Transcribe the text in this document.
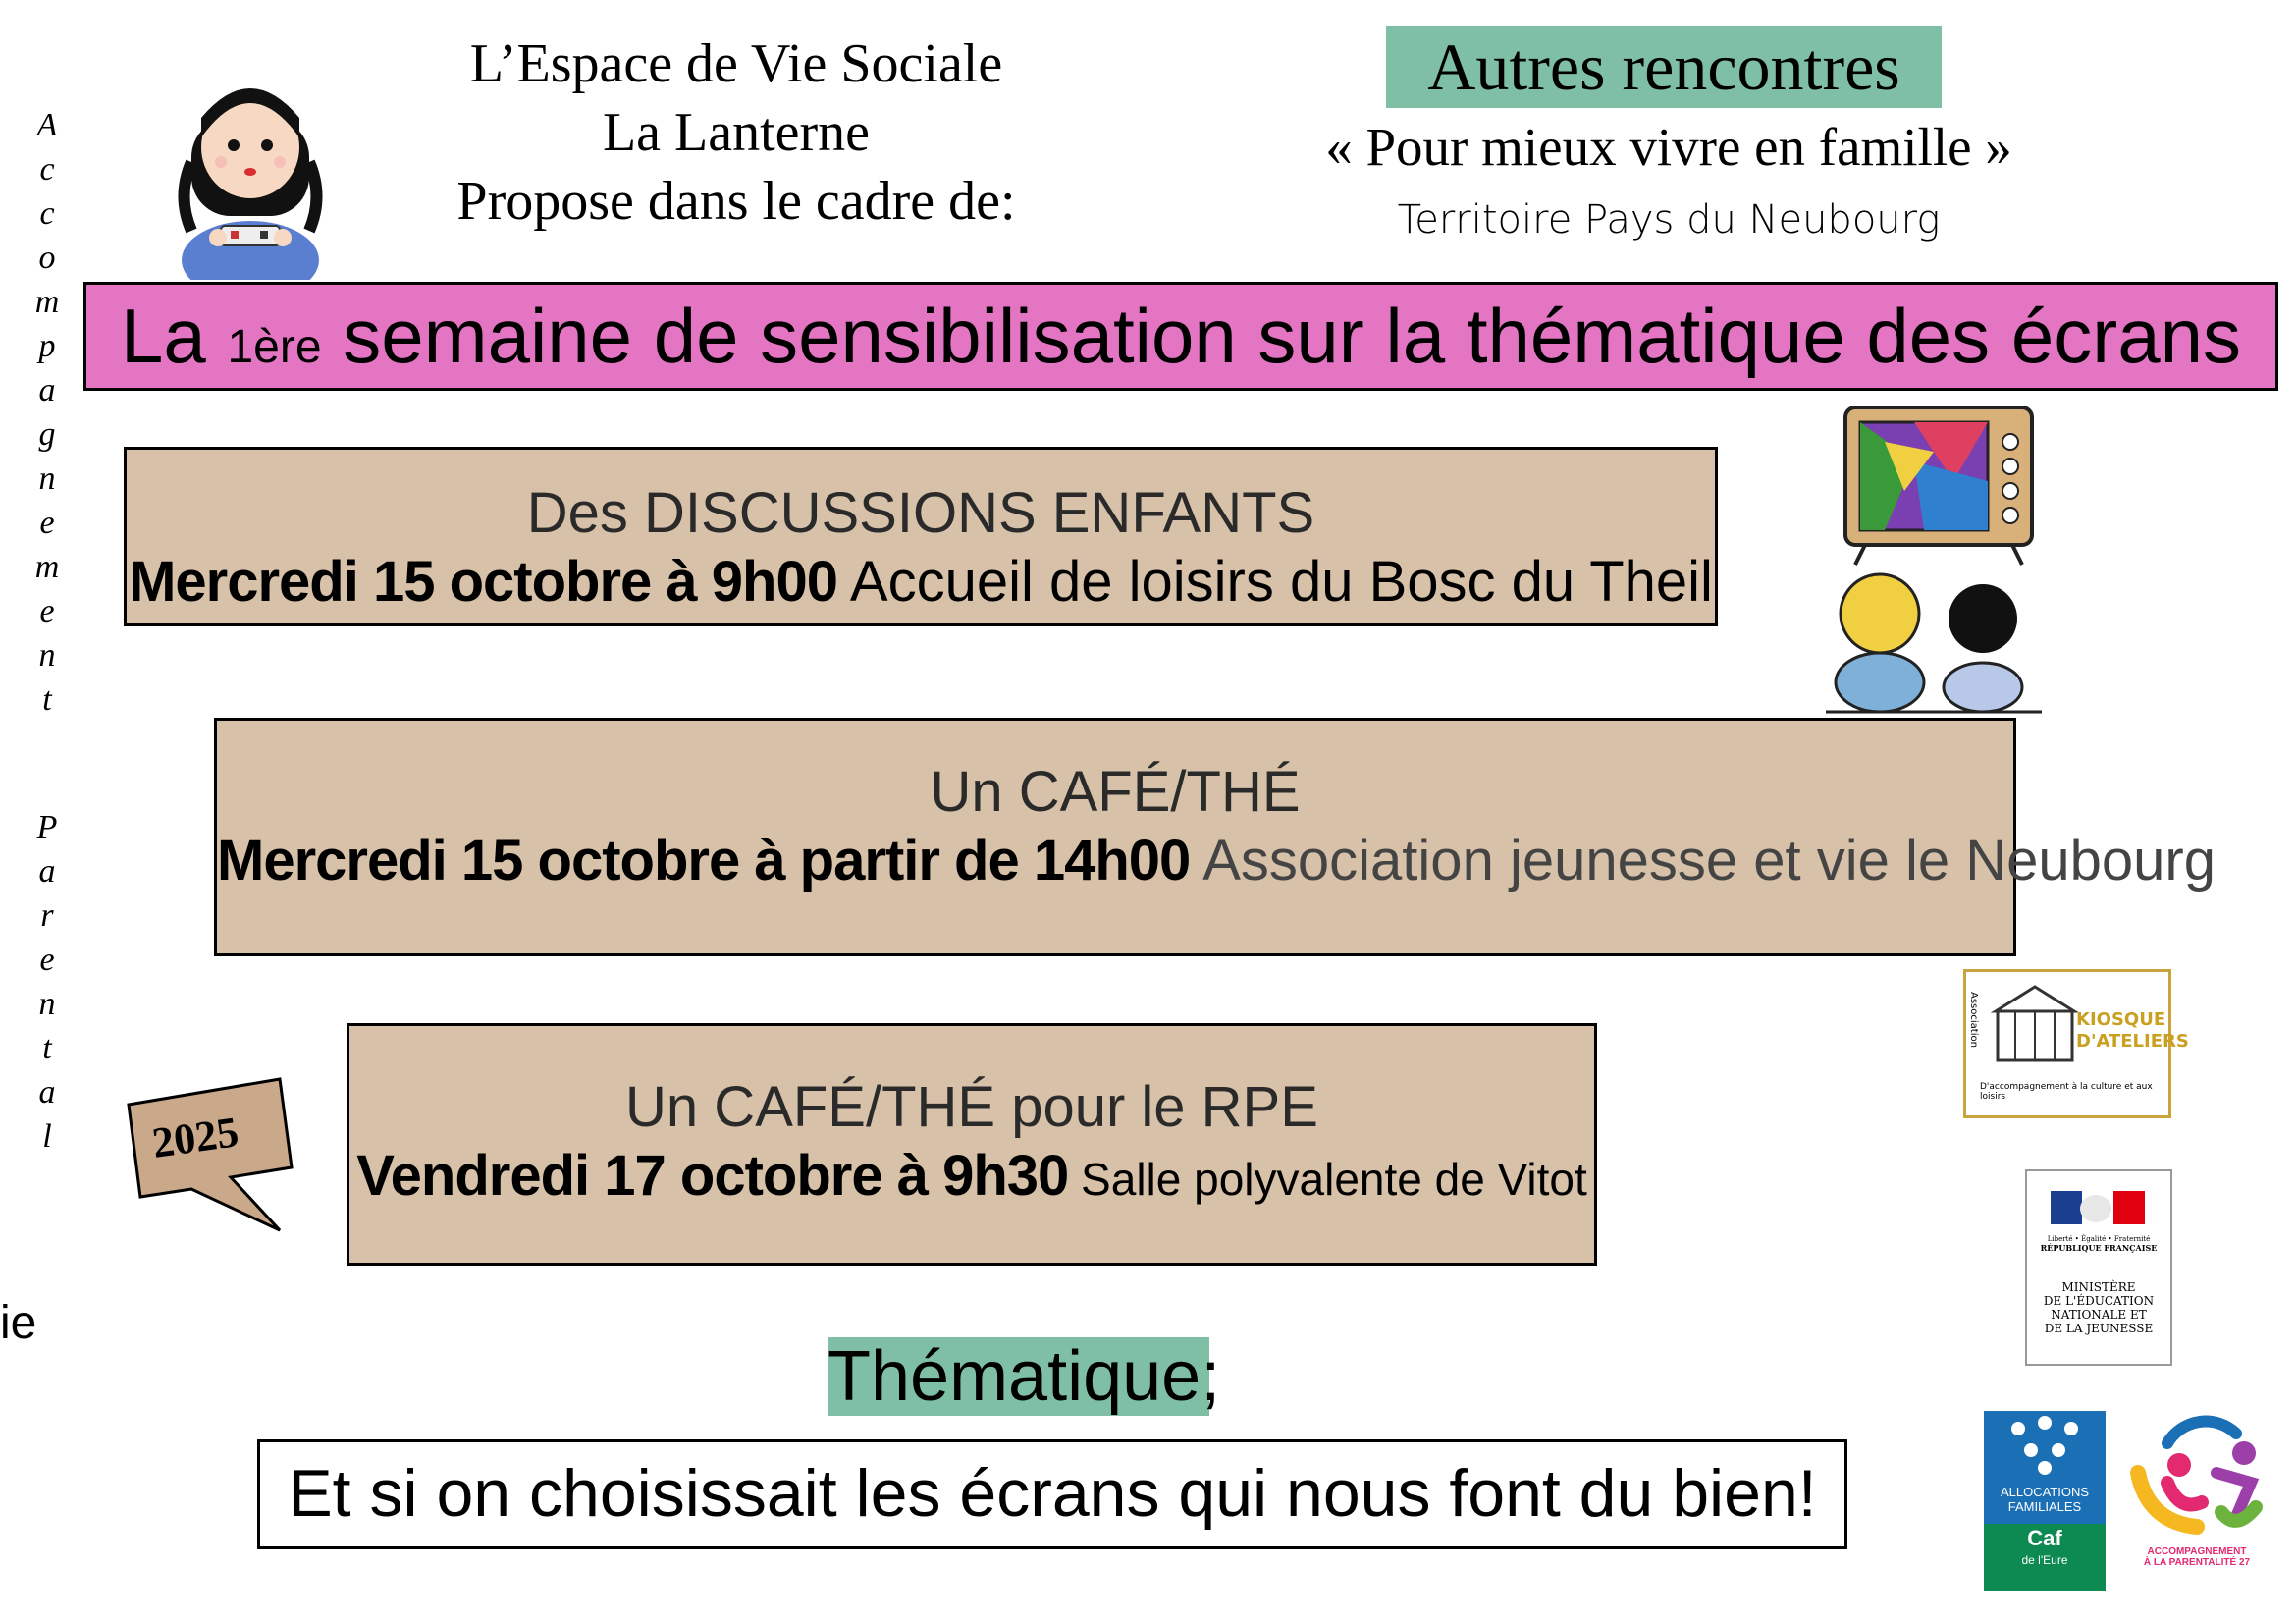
L’Espace de Vie Sociale
La Lanterne
Propose dans le cadre de:
Autres rencontres
« Pour mieux vivre en famille »
Territoire Pays du Neubourg
La 1ère semaine de sensibilisation sur la thématique des écrans
A
c
c
o
m
p
a
g
n
e
m
e
n
t
P
a
r
e
n
t
a
l
Des DISCUSSIONS ENFANTS
Mercredi 15 octobre à 9h00 Accueil de loisirs du Bosc du Theil
Un CAFÉ/THÉ
Mercredi 15 octobre à partir de 14h00 Association jeunesse et vie le Neubourg
Association	KIOSQUE D'ATELIERS
D'accompagnement à la culture et aux loisirs
Un CAFÉ/THÉ pour le RPE
Vendredi 17 octobre à 9h30 Salle polyvalente de Vitot
2025
Liberté • Égalité • Fraternité
RÉPUBLIQUE FRANÇAISE
MINISTÈRE
DE L'ÉDUCATION
NATIONALE ET
DE LA JEUNESSE
ie
Thématique;
Et si on choisissait les écrans qui nous font du bien!	ALLOCATIONS
FAMILIALES
Caf
de l'Eure
ACCOMPAGNEMENT
À LA PARENTALITÉ 27
